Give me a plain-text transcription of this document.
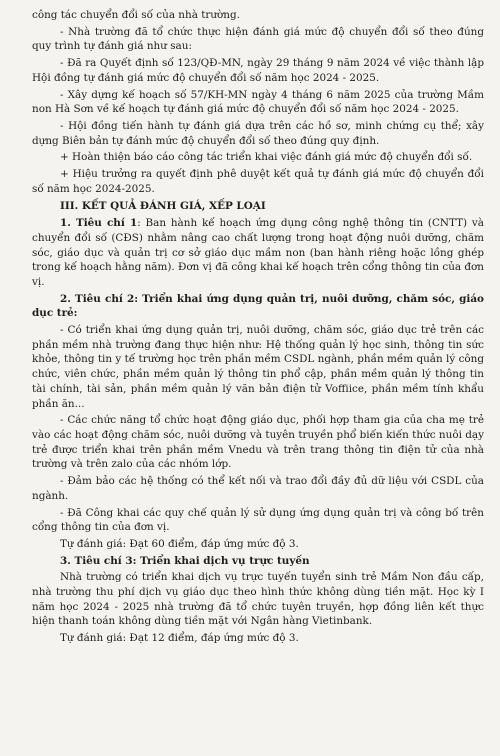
công tác chuyển đổi số của nhà trường.

- Nhà trường đã tổ chức thực hiện đánh giá mức độ chuyển đổi số theo đúng quy trình tự đánh giá như sau:

- Đã ra Quyết định số 123/QĐ-MN, ngày 29 tháng 9 năm 2024 về việc thành lập Hội đồng tự đánh giá mức độ chuyển đổi số năm học 2024 - 2025.

- Xây dựng kế hoạch số 57/KH-MN ngày 4 tháng 6 năm 2025 của trường Mầm non Hà Sơn về kế hoạch tự đánh giá mức độ chuyển đổi số năm học 2024 - 2025.

- Hội đồng tiến hành tự đánh giá dựa trên các hồ sơ, minh chứng cụ thể; xây dựng Biên bản tự đánh mức độ chuyển đổi số theo đúng quy định.

+ Hoàn thiện báo cáo công tác triển khai việc đánh giá mức độ chuyển đổi số.

+ Hiệu trưởng ra quyết định phê duyệt kết quả tự đánh giá mức độ chuyển đổi số năm học 2024-2025.

III. KẾT QUẢ ĐÁNH GIÁ, XẾP LOẠI

1. Tiêu chí 1: Ban hành kế hoạch ứng dụng công nghệ thông tin (CNTT) và chuyển đổi số (CĐS) nhằm nâng cao chất lượng trong hoạt động nuôi dưỡng, chăm sóc, giáo dục và quản trị cơ sở giáo dục mầm non (ban hành riêng hoặc lồng ghép trong kế hoạch hằng năm). Đơn vị đã công khai kế hoạch trên cổng thông tin của đơn vị.

2. Tiêu chí 2: Triển khai ứng dụng quản trị, nuôi dưỡng, chăm sóc, giáo dục trẻ:

- Có triển khai ứng dụng quản trị, nuôi dưỡng, chăm sóc, giáo dục trẻ trên các phần mềm nhà trường đang thực hiện như: Hệ thống quản lý học sinh, thông tin sức khỏe, thông tin y tế trường học trên phần mềm CSDL ngành, phần mềm quản lý công chức, viên chức, phần mềm quản lý thông tin phổ cập, phần mềm quản lý thông tin tài chính, tài sản, phần mềm quản lý văn bản điện tử Voffiice, phần mềm tính khẩu phần ăn...

- Các chức năng tổ chức hoạt động giáo dục, phối hợp tham gia của cha mẹ trẻ vào các hoạt động chăm sóc, nuôi dưỡng và tuyên truyền phổ biến kiến thức nuôi dạy trẻ được triển khai trên phần mềm Vnedu và trên trang thông tin điện tử của nhà trường và trên zalo của các nhóm lớp.

- Đảm bảo các hệ thống có thể kết nối và trao đổi đầy đủ dữ liệu với CSDL của ngành.

- Đã Công khai các quy chế quản lý sử dụng ứng dụng quản trị và công bố trên cổng thông tin của đơn vị.

Tự đánh giá: Đạt 60 điểm, đáp ứng mức độ 3.

3. Tiêu chí 3: Triển khai dịch vụ trực tuyến

Nhà trường có triển khai dịch vụ trực tuyến tuyển sinh trẻ Mầm Non đầu cấp, nhà trường thu phí dịch vụ giáo dục theo hình thức không dùng tiền mặt. Học kỳ I năm học 2024 - 2025 nhà trường đã tổ chức tuyên truyền, hợp đồng liên kết thực hiện thanh toán không dùng tiền mặt với Ngân hàng Vietinbank.

Tự đánh giá: Đạt 12 điểm, đáp ứng mức độ 3.
